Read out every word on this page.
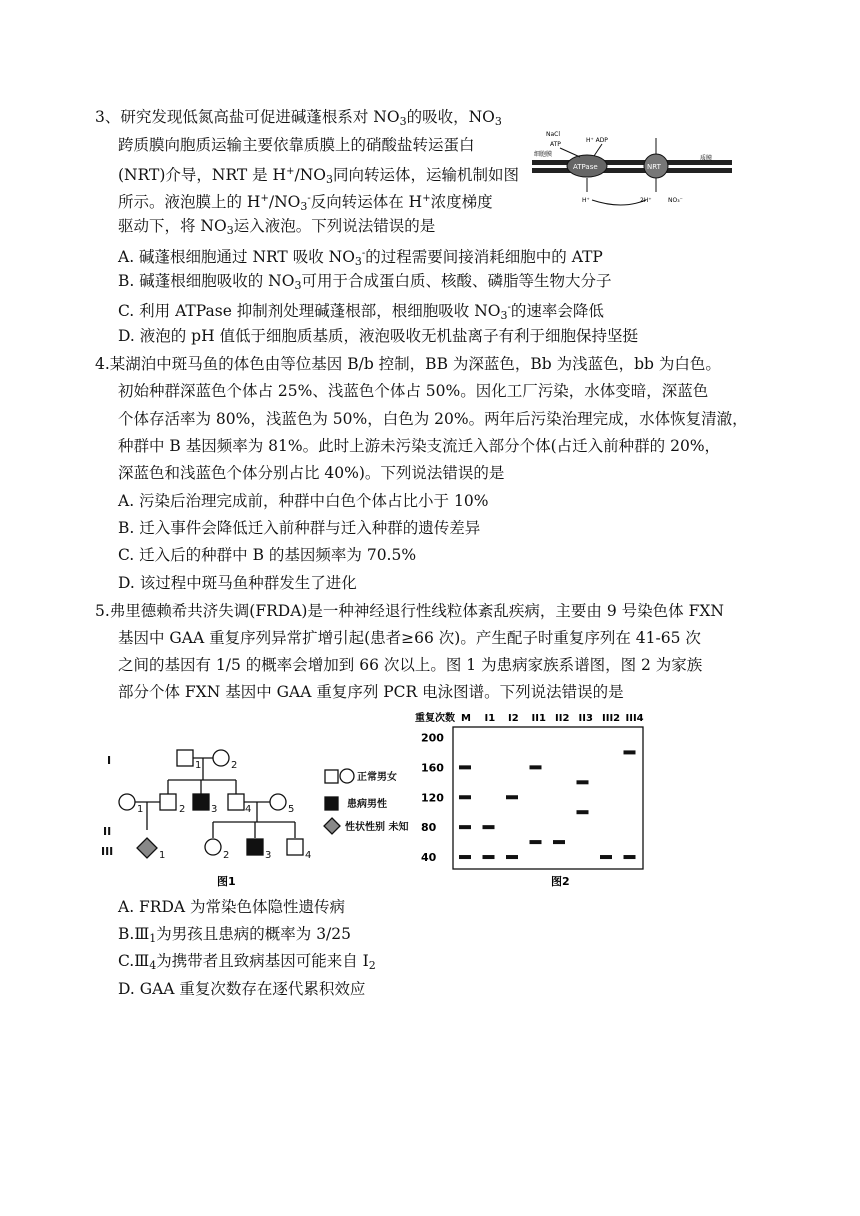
3、研究发现低氮高盐可促进碱蓬根系对 $NO_3$的吸收，$NO_3$
跨质膜向胞质运输主要依靠质膜上的硝酸盐转运蛋白
(NRT)介导，NRT 是 $H^+/NO_3$同向转运体，运输机制如图
所示。液泡膜上的 $H^+/NO_3^-$反向转运体在 H+浓度梯度
驱动下，将 $NO_3$运入液泡。下列说法错误的是
A. 碱蓬根细胞通过 NRT 吸收 $NO_3^-$的过程需要间接消耗细胞中的 ATP
B. 碱蓬根细胞吸收的 $NO_3$可用于合成蛋白质、核酸、磷脂等生物大分子
C. 利用 ATPase 抑制剂处理碱蓬根部，根细胞吸收 $NO_3^-$的速率会降低
D. 液泡的 pH 值低于细胞质基质，液泡吸收无机盐离子有利于细胞保持坚挺
细胞膜
质膜
ATPase	NRT
NaCl
ATP
H⁺ ADP
H⁺	2H⁺	NO₃⁻
4.某湖泊中斑马鱼的体色由等位基因 B/b 控制，BB 为深蓝色，Bb 为浅蓝色，bb 为白色。
初始种群深蓝色个体占 25%、浅蓝色个体占 50%。因化工厂污染，水体变暗，深蓝色
个体存活率为 80%，浅蓝色为 50%，白色为 20%。两年后污染治理完成，水体恢复清澈，
种群中 B 基因频率为 81%。此时上游未污染支流迁入部分个体(占迁入前种群的 20%，
深蓝色和浅蓝色个体分别占比 40%)。下列说法错误的是
A. 污染后治理完成前，种群中白色个体占比小于 10%
B. 迁入事件会降低迁入前种群与迁入种群的遗传差异
C. 迁入后的种群中 B 的基因频率为 70.5%
D. 该过程中斑马鱼种群发生了进化
5.弗里德赖希共济失调(FRDA)是一种神经退行性线粒体紊乱疾病，主要由 9 号染色体 FXN
基因中 GAA 重复序列异常扩增引起(患者≥66 次)。产生配子时重复序列在 41-65 次
之间的基因有 1/5 的概率会增加到 66 次以上。图 1 为患病家族系谱图，图 2 为家族
部分个体 FXN 基因中 GAA 重复序列 PCR 电泳图谱。下列说法错误的是
I
II
III
1	2
1	2	3	4	5
1	2	3	4
正常男女
患病男性
性状性别 未知
图1
重复次数 M I1 I2 II1 II2 II3 III2 III4
200
160
120
80
40
图2
A. FRDA 为常染色体隐性遗传病
$B.Ⅲ_1$为男孩且患病的概率为 3/25
$C.Ⅲ_4$为携带者且致病基因可能来自 $I_2$
D. GAA 重复次数存在逐代累积效应
